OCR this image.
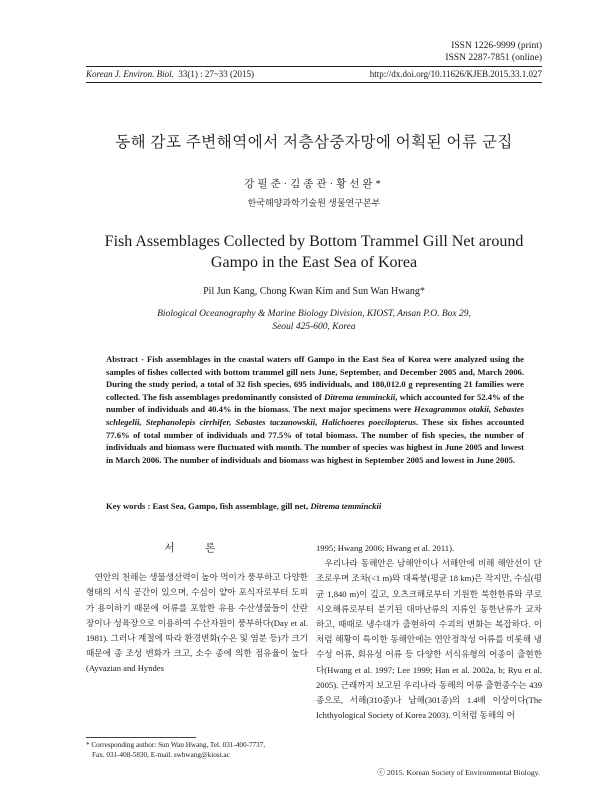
ISSN 1226-9999 (print)
ISSN 2287-7851 (online)
Korean J. Environ. Biol. 33(1) : 27~33 (2015)	http://dx.doi.org/10.11626/KJEB.2015.33.1.027
동해 감포 주변해역에서 저층삼중자망에 어획된 어류 군집
강필준·김종관·황선완*
한국해양과학기술원 생물연구본부
Fish Assemblages Collected by Bottom Trammel Gill Net around
Gampo in the East Sea of Korea
Pil Jun Kang, Chong Kwan Kim and Sun Wan Hwang*
Biological Oceanography & Marine Biology Division, KIOST, Ansan P.O. Box 29,
Seoul 425-600, Korea
Abstract - Fish assemblages in the coastal waters off Gampo in the East Sea of Korea were analyzed using the samples of fishes collected with bottom trammel gill nets June, September, and December 2005 and, March 2006. During the study period, a total of 32 fish species, 695 individuals, and 180,012.0 g representing 21 families were collected. The fish assemblages predominantly consisted of Ditrema temminckii, which accounted for 52.4% of the number of individuals and 40.4% in the biomass. The next major specimens were Hexagrammos otakii, Sebastes schlegelii, Stephanolepis cirrhifer, Sebastes taczanowskii, Halichoeres poecilopterus. These six fishes accounted 77.6% of total number of individuals and 77.5% of total biomass. The number of fish species, the number of individuals and biomass were fluctuated with month. The number of species was highest in June 2005 and lowest in March 2006. The number of individuals and biomass was highest in September 2005 and lowest in June 2005.
Key words : East Sea, Gampo, fish assemblage, gill net, Ditrema temminckii
서 론

연안의 천해는 생물생산력이 높아 먹이가 풍부하고 다양한 형태의 서식 공간이 있으며, 수심이 얕아 포식자로부터 도피가 용이하기 때문에 어류를 포함한 유용 수산생물들이 산란장이나 성육장으로 이용하여 수산자원이 풍부하다(Day et al. 1981). 그러나 계절에 따라 환경변화(수온 및 염분 등)가 크기 때문에 종 조성 변화가 크고, 소수 종에 의한 점유율이 높다(Ayvazian and Hyndes

1995; Hwang 2006; Hwang et al. 2011).

우리나라 동해안은 남해안이나 서해안에 비해 해안선이 단조로우며 조차(<1 m)와 대륙붕(평균 18 km)은 작지만, 수심(평균 1,840 m)이 깊고, 오츠크해로부터 기원한 북한한류와 쿠로시오해류로부터 분기된 대마난류의 지류인 동한난류가 교차하고, 때때로 냉수대가 출현하여 수괴의 변화는 복잡하다. 이처럼 해황이 특이한 동해안에는 연안정착성 어류를 비롯해 냉수성 어류, 회유성 어류 등 다양한 서식유형의 어종이 출현한다(Hwang et al. 1997; Lee 1999; Han et al. 2002a, b; Ryu et al. 2005). 근래까지 보고된 우리나라 동해의 어류 출현종수는 439종으로, 서해(310종)나 남해(301종)의 1.4배 이상이다(The Ichthyological Society of Korea 2003). 이처럼 동해의 어

* Corresponding author: Sun Wan Hwang, Tel. 031-400-7737,
Fax. 031-408-5830, E-mail. swhwang@kiost.ac
ⓒ 2015. Korean Society of Environmental Biology.
